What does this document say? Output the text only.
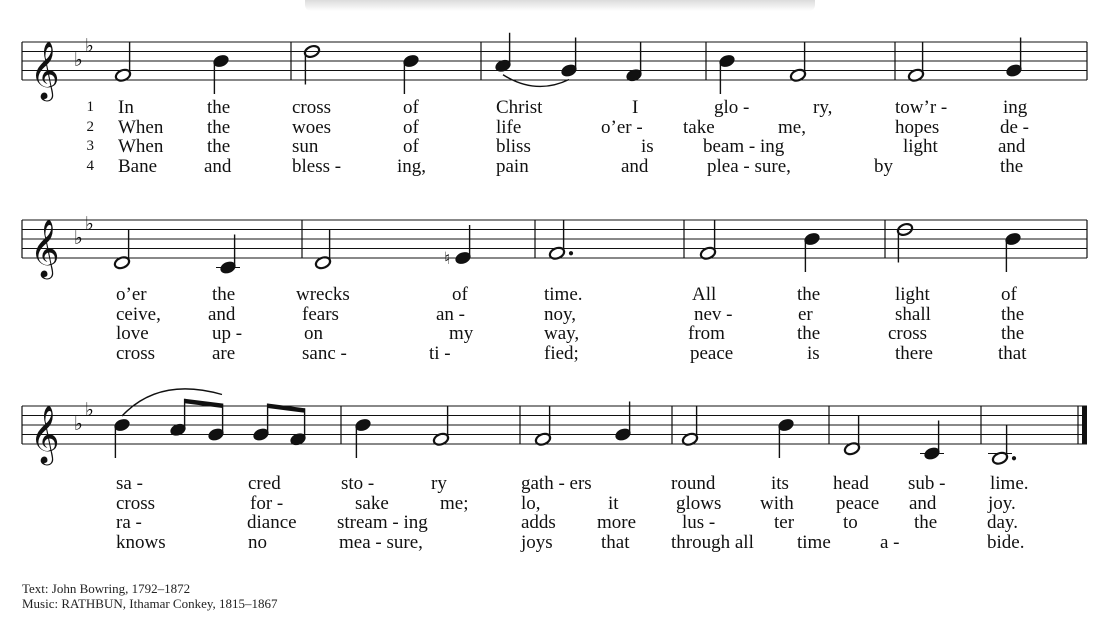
𝄞 ♭
♭
𝄞 ♭
♭
♮
𝄞 ♭
♭
1 In	the	cross	of	Christ	I	glo -	ry,	tow’r -	ing
2 When the	woes	of	life	o’er - take	me,	hopes	de -
3 When the	sun	of	bliss	is	beam - ing	light	and
4 Bane and	bless -	ing,	pain	and	plea - sure,	by	the
o’er	the	wrecks	of	time.	All	the	light	of
ceive, and	fears	an -	noy,	nev -	er	shall	the
love	up -	on	my	way,	from	the	cross	the
cross	are	sanc -	ti -	fied;	peace	is	there	that
sa -	cred	sto -	ry	gath - ers	round	its head sub - lime.
cross	for -	sake	me;	lo,	it	glows with peace and	joy.
ra -	diance stream - ing	adds more lus -	ter	to	the	day.
knows	no	mea - sure,	joys	that through all time	a -	bide.
Text: John Bowring, 1792–1872
Music: RATHBUN, Ithamar Conkey, 1815–1867
